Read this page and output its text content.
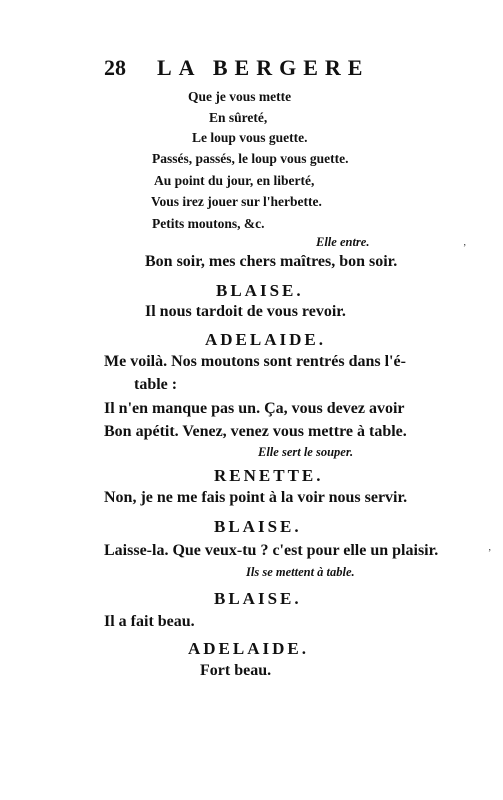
28 LA BERGERE
Que je vous mette
En sûreté,
Le loup vous guette.
Passés, passés, le loup vous guette.
Au point du jour, en liberté,
Vous irez jouer sur l'herbette.
Petits moutons, &c.
Elle entre.
Bon soir, mes chers maîtres, bon soir.
BLAISE.
Il nous tardoit de vous revoir.
ADELAIDE.
Me voilà. Nos moutons sont rentrés dans l'é-
table :
Il n'en manque pas un. Ça, vous devez avoir
Bon apétit. Venez, venez vous mettre à table.
Elle sert le souper.
RENETTE.
Non, je ne me fais point à la voir nous servir.
BLAISE.
Laisse-la. Que veux-tu ? c'est pour elle un plaisir.
Ils se mettent à table.
BLAISE.
Il a fait beau.
ADELAIDE.
Fort beau.
ʼ
ʼ
